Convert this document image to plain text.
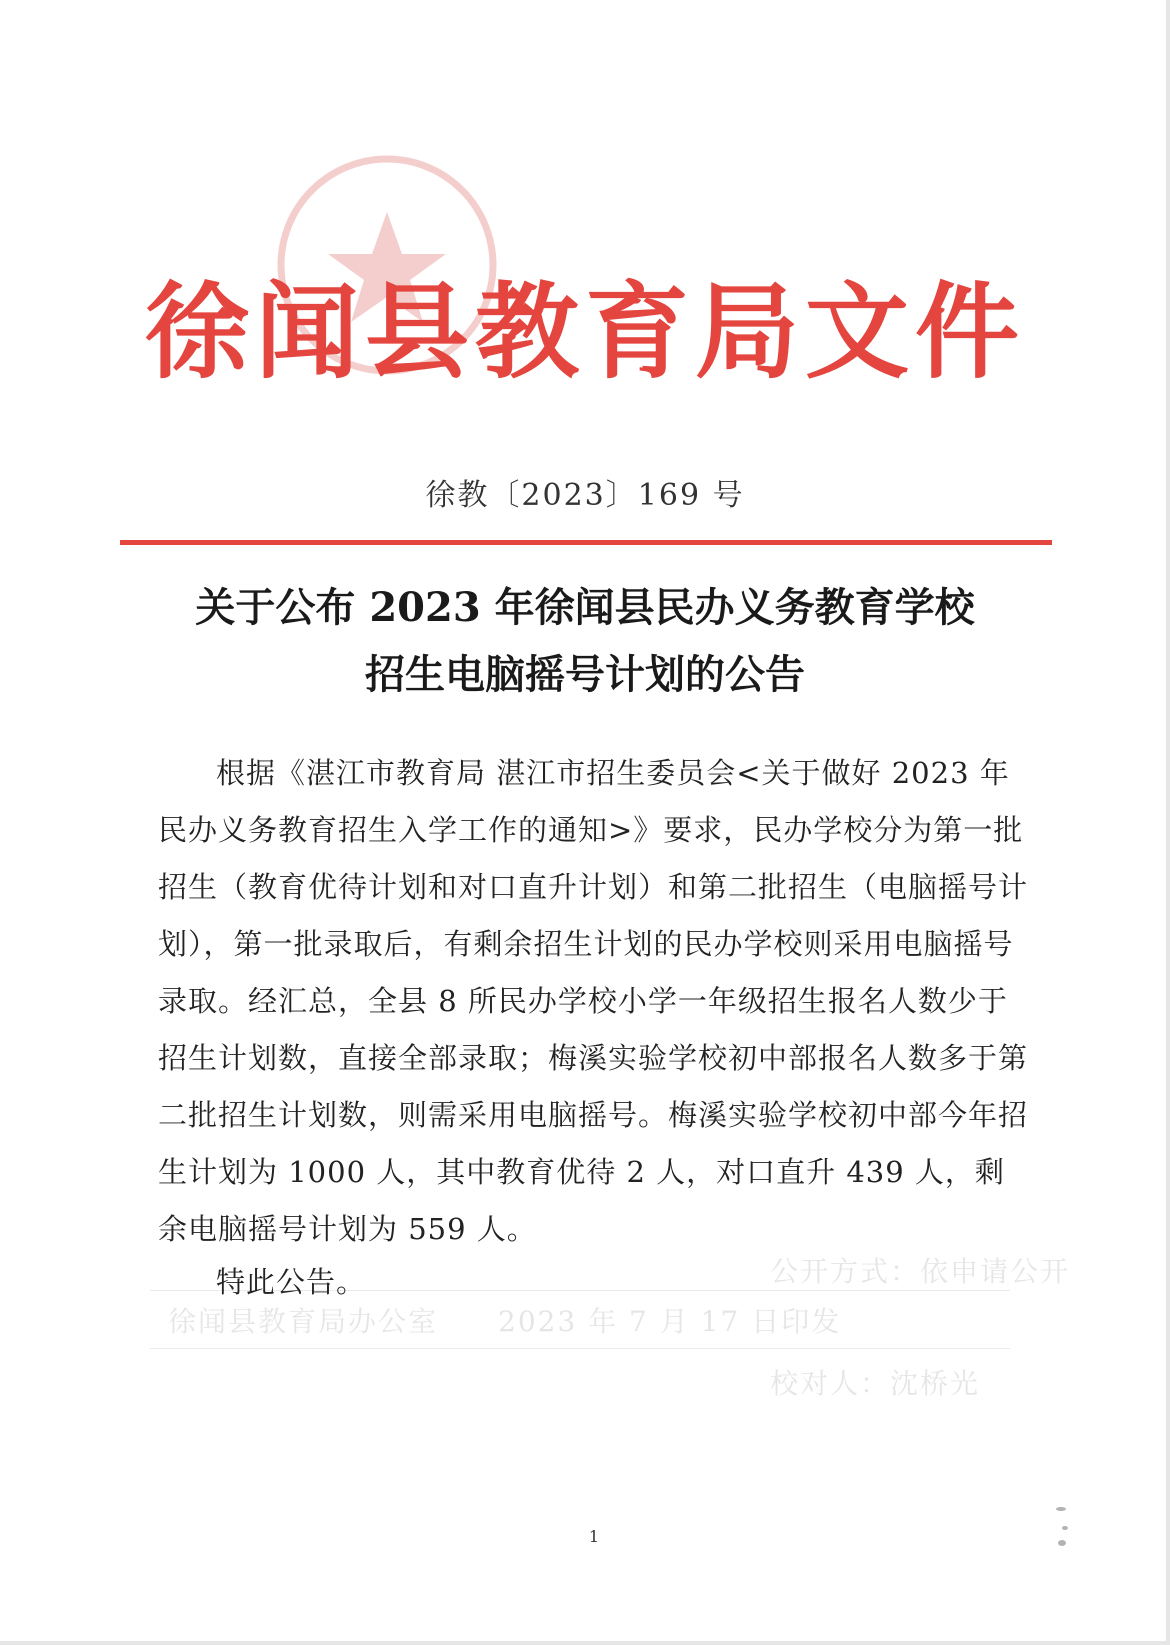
徐闻县教育局文件
徐教〔2023〕169 号
关于公布 2023 年徐闻县民办义务教育学校
招生电脑摇号计划的公告
根据《湛江市教育局 湛江市招生委员会<关于做好 2023 年民办义务教育招生入学工作的通知>》要求，民办学校分为第一批招生（教育优待计划和对口直升计划）和第二批招生（电脑摇号计划），第一批录取后，有剩余招生计划的民办学校则采用电脑摇号录取。经汇总，全县 8 所民办学校小学一年级招生报名人数少于招生计划数，直接全部录取；梅溪实验学校初中部报名人数多于第二批招生计划数，则需采用电脑摇号。梅溪实验学校初中部今年招生计划为 1000 人，其中教育优待 2 人，对口直升 439 人，剩余电脑摇号计划为 559 人。
特此公告。	公开方式：依申请公开
徐闻县教育局办公室　　2023 年 7 月 17 日印发
校对人：沈桥光
1
